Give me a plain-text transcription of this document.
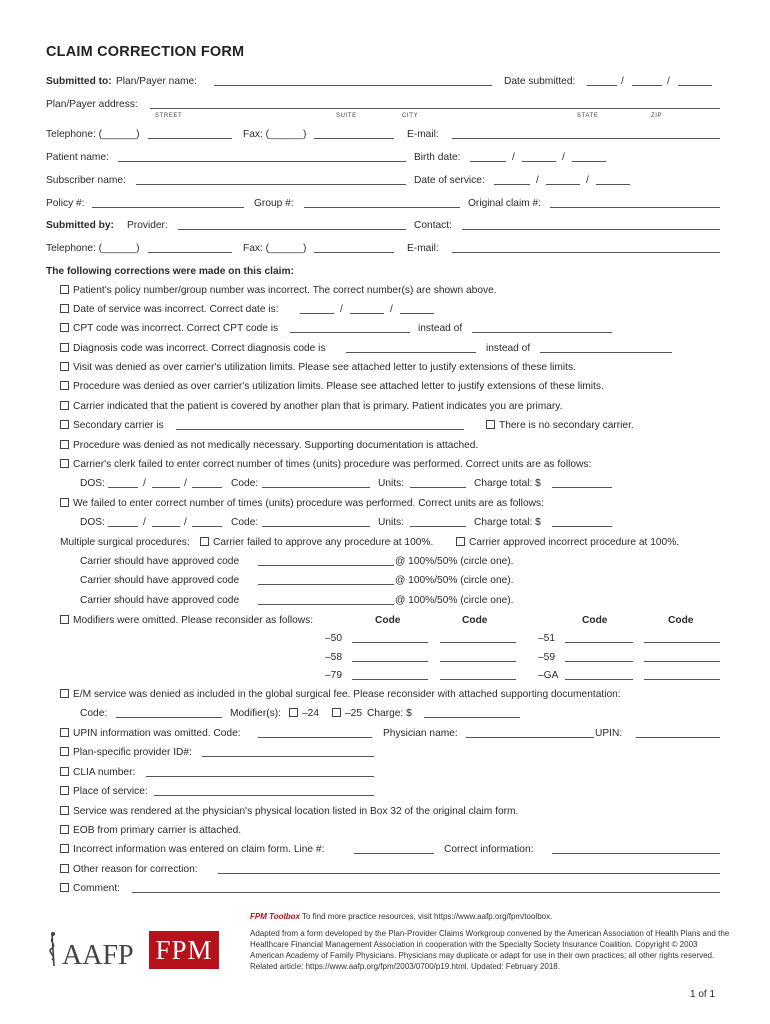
CLAIM CORRECTION FORM
Submitted to: Plan/Payer name:	Date submitted:	/	/
Plan/Payer address:
STREET	SUITE	CITY	STATE	ZIP
Telephone: (______)	Fax: (______)	E-mail:
Patient name:	Birth date:	/	/
Subscriber name:	Date of service:	/	/
Policy #:	Group #:	Original claim #:
Submitted by: Provider:	Contact:
Telephone: (______)	Fax: (______)	E-mail:
The following corrections were made on this claim:
Patient's policy number/group number was incorrect. The correct number(s) are shown above.
Date of service was incorrect. Correct date is:	/	/
CPT code was incorrect. Correct CPT code is	instead of
Diagnosis code was incorrect. Correct diagnosis code is	instead of
Visit was denied as over carrier's utilization limits. Please see attached letter to justify extensions of these limits.
Procedure was denied as over carrier's utilization limits. Please see attached letter to justify extensions of these limits.
Carrier indicated that the patient is covered by another plan that is primary. Patient indicates you are primary.
Secondary carrier is	There is no secondary carrier.
Procedure was denied as not medically necessary. Supporting documentation is attached.
Carrier's clerk failed to enter correct number of times (units) procedure was performed. Correct units are as follows:
DOS:	/	/	Code:	Units:	Charge total: $
We failed to enter correct number of times (units) procedure was performed. Correct units are as follows:
DOS:	/	/	Code:	Units:	Charge total: $
Multiple surgical procedures:	Carrier failed to approve any procedure at 100%.	Carrier approved incorrect procedure at 100%.
Carrier should have approved code	@ 100%/50% (circle one).
Carrier should have approved code	@ 100%/50% (circle one).
Carrier should have approved code	@ 100%/50% (circle one).
Modifiers were omitted. Please reconsider as follows:	Code	Code	Code	Code
–50	–51
–58	–59
–79	–GA
E/M service was denied as included in the global surgical fee. Please reconsider with attached supporting documentation:
Code:	Modifier(s):	–24	–25 Charge: $
UPIN information was omitted. Code:	Physician name:	UPIN:
Plan-specific provider ID#:
CLIA number:
Place of service:
Service was rendered at the physician's physical location listed in Box 32 of the original claim form.
EOB from primary carrier is attached.
Incorrect information was entered on claim form. Line #:	Correct information:
Other reason for correction:
Comment:
AAFP FPM

FPM Toolbox To find more practice resources, visit https://www.aafp.org/fpm/toolbox.

Adapted from a form developed by the Plan-Provider Claims Workgroup convened by the American Association of Health Plans and the Healthcare Financial Management Association in cooperation with the Specialty Society Insurance Coalition. Copyright © 2003 American Academy of Family Physicians. Physicians may duplicate or adapt for use in their own practices; all other rights reserved. Related article: https://www.aafp.org/fpm/2003/0700/p19.html. Updated: February 2018.

1 of 1
